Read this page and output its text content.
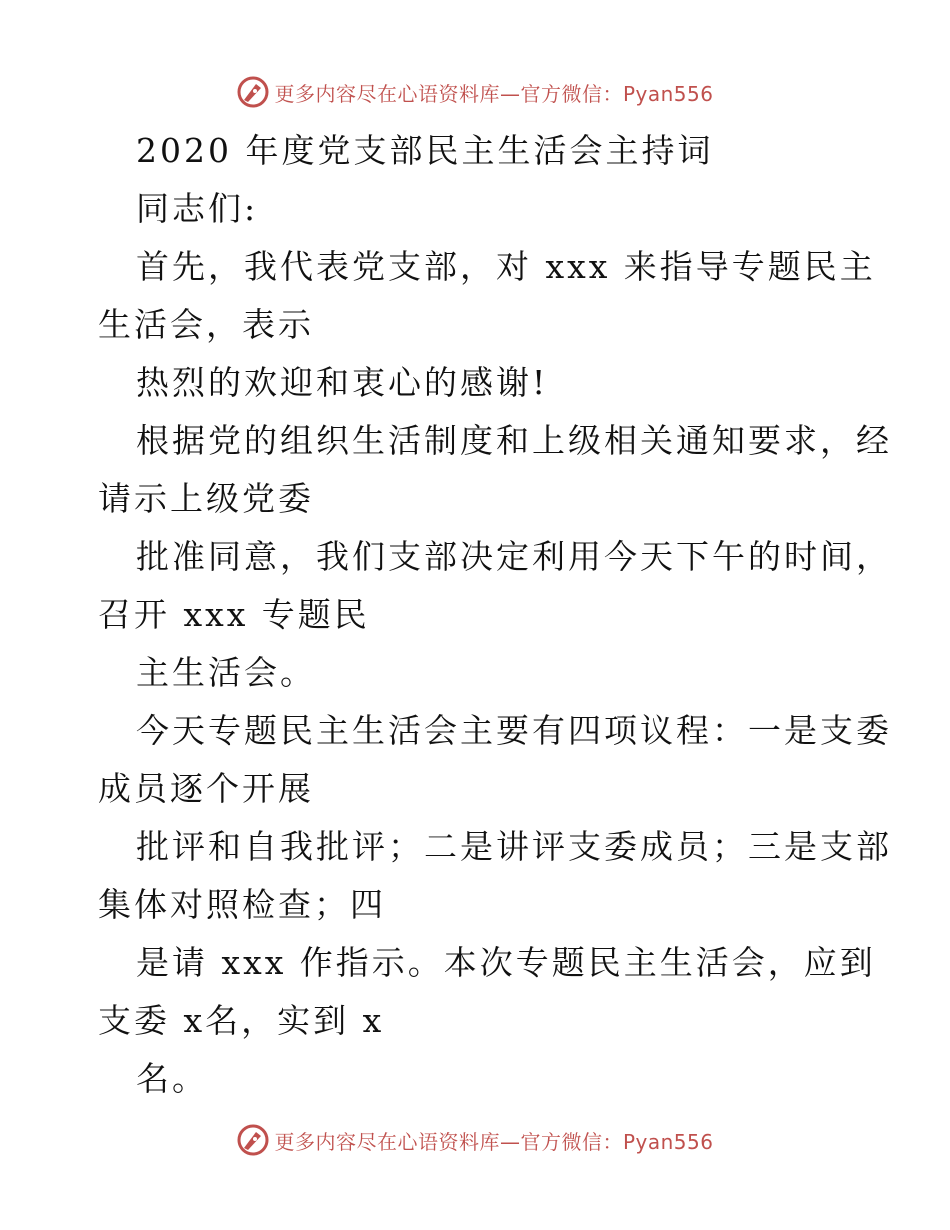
更多内容尽在心语资料库—官方微信：Pyan556
2020 年度党支部民主生活会主持词
同志们:
首先，我代表党支部，对 xxx 来指导专题民主
生活会，表示
热烈的欢迎和衷心的感谢!
根据党的组织生活制度和上级相关通知要求，经
请示上级党委
批准同意，我们支部决定利用今天下午的时间，
召开 xxx 专题民
主生活会。
今天专题民主生活会主要有四项议程：一是支委
成员逐个开展
批评和自我批评；二是讲评支委成员；三是支部
集体对照检查；四
是请 xxx 作指示。本次专题民主生活会，应到
支委 x名，实到 x
名。
更多内容尽在心语资料库—官方微信：Pyan556
